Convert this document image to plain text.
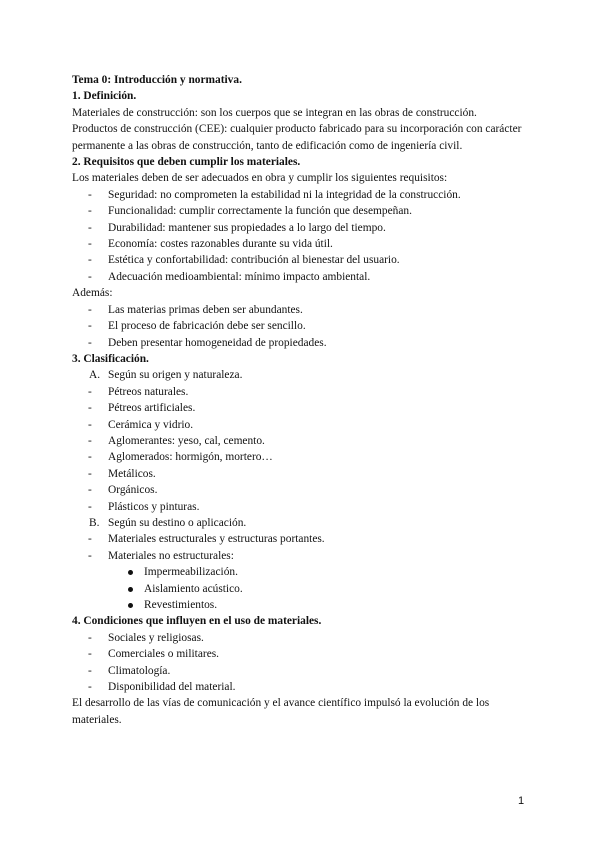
Tema 0: Introducción y normativa.
1. Definición.
Materiales de construcción: son los cuerpos que se integran en las obras de construcción.
Productos de construcción (CEE): cualquier producto fabricado para su incorporación con carácter permanente a las obras de construcción, tanto de edificación como de ingeniería civil.
2. Requisitos que deben cumplir los materiales.
Los materiales deben de ser adecuados en obra y cumplir los siguientes requisitos:
- Seguridad: no comprometen la estabilidad ni la integridad de la construcción.
- Funcionalidad: cumplir correctamente la función que desempeñan.
- Durabilidad: mantener sus propiedades a lo largo del tiempo.
- Economía: costes razonables durante su vida útil.
- Estética y confortabilidad: contribución al bienestar del usuario.
- Adecuación medioambiental: mínimo impacto ambiental.
Además:
- Las materias primas deben ser abundantes.
- El proceso de fabricación debe ser sencillo.
- Deben presentar homogeneidad de propiedades.
3. Clasificación.
A. Según su origen y naturaleza.
- Pétreos naturales.
- Pétreos artificiales.
- Cerámica y vidrio.
- Aglomerantes: yeso, cal, cemento.
- Aglomerados: hormigón, mortero…
- Metálicos.
- Orgánicos.
- Plásticos y pinturas.
B. Según su destino o aplicación.
- Materiales estructurales y estructuras portantes.
- Materiales no estructurales:
Impermeabilización.
Aislamiento acústico.
Revestimientos.
4. Condiciones que influyen en el uso de materiales.
- Sociales y religiosas.
- Comerciales o militares.
- Climatología.
- Disponibilidad del material.
El desarrollo de las vías de comunicación y el avance científico impulsó la evolución de los materiales.
1
